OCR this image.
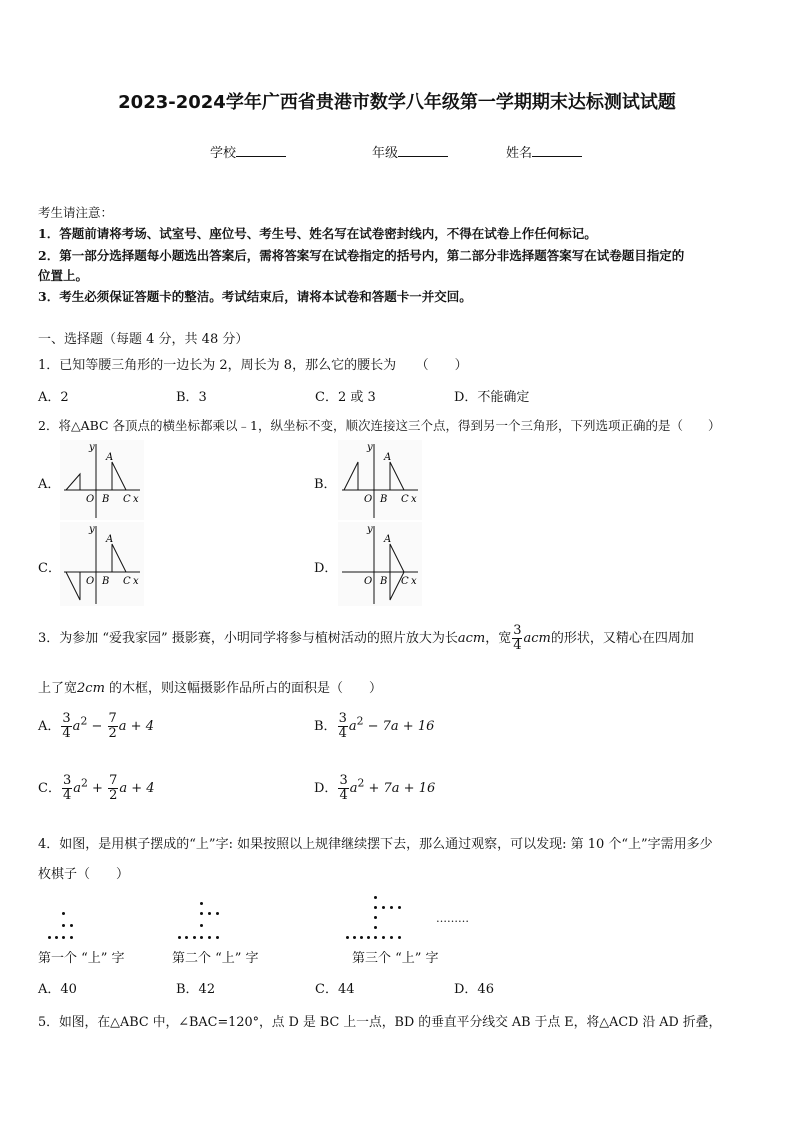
2023-2024学年广西省贵港市数学八年级第一学期期末达标测试试题
学校	年级	姓名
考生请注意：
1．答题前请将考场、试室号、座位号、考生号、姓名写在试卷密封线内，不得在试卷上作任何标记。
2．第一部分选择题每小题选出答案后，需将答案写在试卷指定的括号内，第二部分非选择题答案写在试卷题目指定的
位置上。
3．考生必须保证答题卡的整洁。考试结束后，请将本试卷和答题卡一并交回。
一、选择题（每题 4 分，共 48 分）
1．已知等腰三角形的一边长为 2，周长为 8，那么它的腰长为　　（　　）
A．2	B．3	C．2 或 3	D．不能确定
2．将△ABC 各顶点的横坐标都乘以﹣1，纵坐标不变，顺次连接这三个点，得到另一个三角形，下列选项正确的是（　　）
A．	B．
C．	D．
y
A
O B C x
y
A
O B C x
y
A
O B C x
y
A
O B C x
3．为参加 “爱我家园” 摄影赛，小明同学将参与植树活动的照片放大为长acm，宽 $\frac{3}{4}$ acm的形状，又精心在四周加
上了宽2cm 的木框，则这幅摄影作品所占的面积是（　　）
A． $\frac{3}{4} a^2 - \frac{7}{2}$ a + 4	B． $\frac{3}{4} a^2 - 7a + 16$
C． $\frac{3}{4} a^2 + \frac{7}{2}$ a + 4	D． $\frac{3}{4} a^2 + 7a + 16$
4．如图，是用棋子摆成的“上”字: 如果按照以上规律继续摆下去，那么通过观察，可以发现: 第 10 个“上”字需用多少
枚棋子（　　）
………
第一个 “上” 字	第二个 “上” 字	第三个 “上” 字
A．40	B．42	C．44	D．46
5．如图，在△ABC 中，∠BAC=120°，点 D 是 BC 上一点，BD 的垂直平分线交 AB 于点 E，将△ACD 沿 AD 折叠，
